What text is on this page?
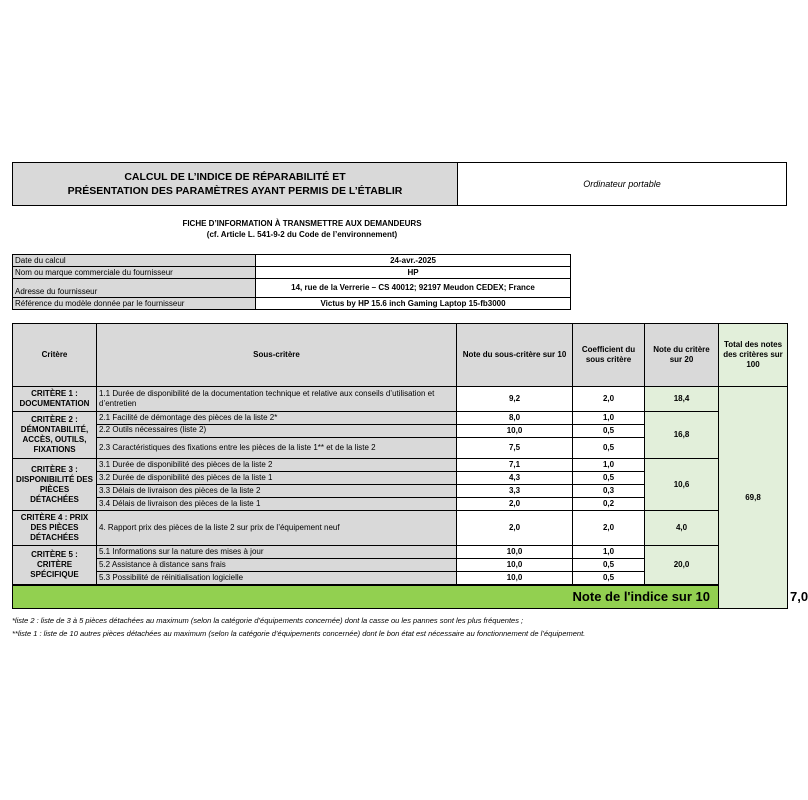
CALCUL DE L’INDICE DE RÉPARABILITÉ ET
PRÉSENTATION DES PARAMÈTRES AYANT PERMIS DE L’ÉTABLIR
Ordinateur portable
FICHE D’INFORMATION À TRANSMETTRE AUX DEMANDEURS
(cf. Article L. 541-9-2 du Code de l’environnement)
Date du calcul	24-avr.-2025
Nom ou marque commerciale du fournisseur	HP
Adresse du fournisseur	14, rue de la Verrerie – CS 40012; 92197 Meudon CEDEX; France
Référence du modèle donnée par le fournisseur	Victus by HP 15.6 inch Gaming Laptop 15-fb3000
Critère	Sous-critère	Note du sous-critère sur 10	Coefficient du sous critère	Note du critère sur 20	Total des notes des critères sur 100	
CRITÈRE 1 : DOCUMENTATION	1.1 Durée de disponibilité de la documentation technique et relative aux conseils d’utilisation et d’entretien	9,2	2,0	18,4	69,8	
CRITÈRE 2 : DÉMONTABILITÉ, ACCÈS, OUTILS, FIXATIONS	2.1 Facilité de démontage des pièces de la liste 2*	8,0	1,0	16,8		
	2.2 Outils nécessaires (liste 2)	10,0	0,5			
	2.3 Caractéristiques des fixations entre les pièces de la liste 1** et de la liste 2	7,5	0,5			
CRITÈRE 3 : DISPONIBILITÉ DES PIÈCES DÉTACHÉES	3.1 Durée de disponibilité des pièces de la liste 2	7,1	1,0	10,6		
	3.2 Durée de disponibilité des pièces de la liste 1	4,3	0,5			
	3.3 Délais de livraison des pièces de la liste 2	3,3	0,3			
	3.4 Délais de livraison des pièces de la liste 1	2,0	0,2			
CRITÈRE 4 : PRIX DES PIÈCES DÉTACHÉES	4. Rapport prix des pièces de la liste 2 sur prix de l’équipement neuf	2,0	2,0	4,0		
CRITÈRE 5 : CRITÈRE SPÉCIFIQUE	5.1 Informations sur la nature des mises à jour	10,0	1,0	20,0		
	5.2 Assistance à distance sans frais	10,0	0,5			
	5.3 Possibilité de réinitialisation logicielle	10,0	0,5			
Note de l'indice sur 10						7,0
*liste 2 : liste de 3 à 5 pièces détachées au maximum (selon la catégorie d’équipements concernée) dont la casse ou les pannes sont les plus fréquentes ;
**liste 1 : liste de 10 autres pièces détachées au maximum (selon la catégorie d’équipements concernée) dont le bon état est nécessaire au fonctionnement de l’équipement.
